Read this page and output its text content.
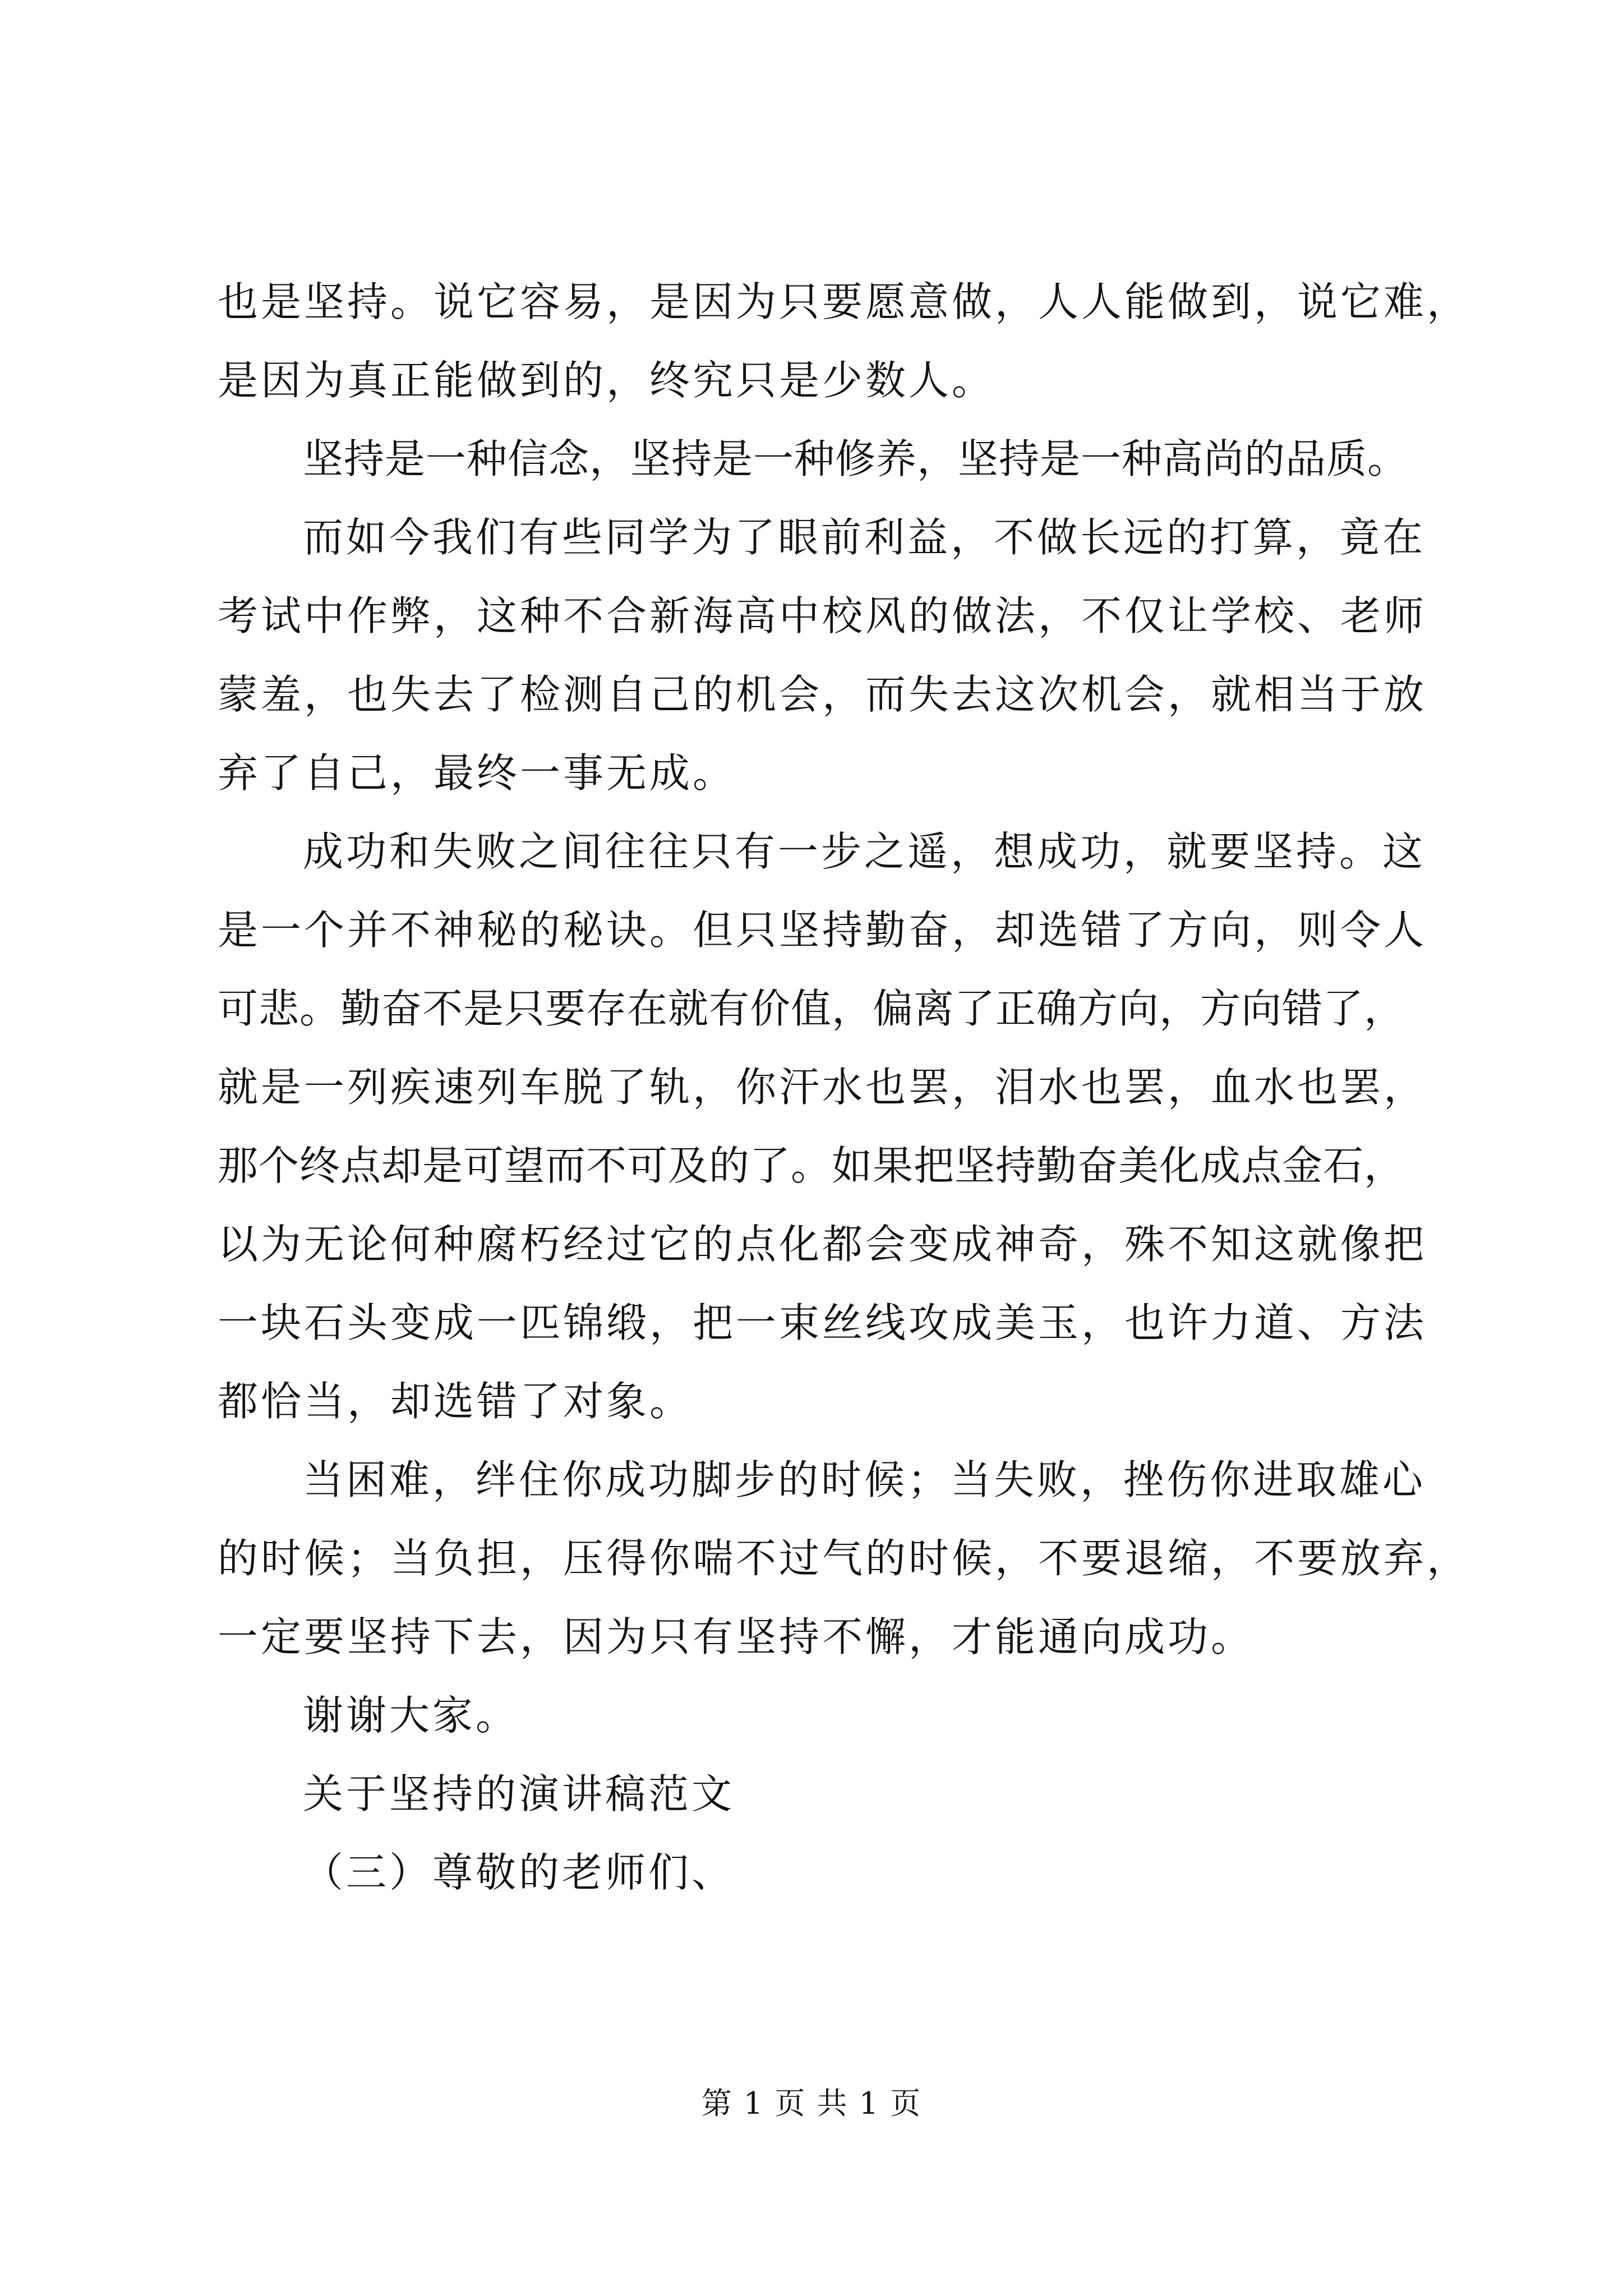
也是坚持。说它容易，是因为只要愿意做，人人能做到，说它难，
是因为真正能做到的，终究只是少数人。
坚持是一种信念，坚持是一种修养，坚持是一种高尚的品质。
而如今我们有些同学为了眼前利益，不做长远的打算，竟在
考试中作弊，这种不合新海高中校风的做法，不仅让学校、老师
蒙羞，也失去了检测自己的机会，而失去这次机会，就相当于放
弃了自己，最终一事无成。
成功和失败之间往往只有一步之遥，想成功，就要坚持。这
是一个并不神秘的秘诀。但只坚持勤奋，却选错了方向，则令人
可悲。勤奋不是只要存在就有价值，偏离了正确方向，方向错了，
就是一列疾速列车脱了轨，你汗水也罢，泪水也罢，血水也罢，
那个终点却是可望而不可及的了。如果把坚持勤奋美化成点金石，
以为无论何种腐朽经过它的点化都会变成神奇，殊不知这就像把
一块石头变成一匹锦缎，把一束丝线攻成美玉，也许力道、方法
都恰当，却选错了对象。
当困难，绊住你成功脚步的时候；当失败，挫伤你进取雄心
的时候；当负担，压得你喘不过气的时候，不要退缩，不要放弃，
一定要坚持下去，因为只有坚持不懈，才能通向成功。
谢谢大家。
关于坚持的演讲稿范文
（三）尊敬的老师们、
第 1 页 共 1 页
